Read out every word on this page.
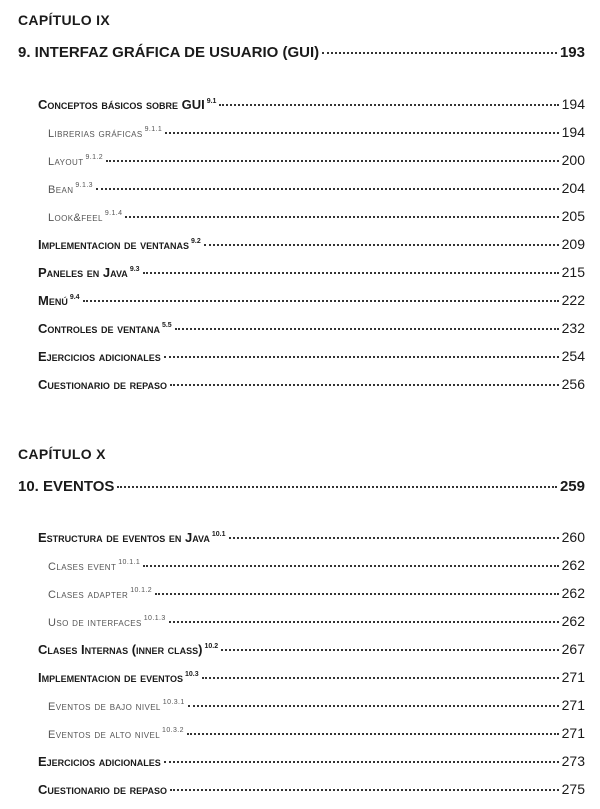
CAPÍTULO IX
9. INTERFAZ GRÁFICA DE USUARIO (GUI)	193
Conceptos básicos sobre GUI $^{9.1}$	194
Librerias gráficas $^{9.1.1}$	194
Layout $^{9.1.2}$	200
Bean $^{9.1.3}$	204
Look&feel $^{9.1.4}$	205
Implementacion de ventanas $^{9.2}$	209
Paneles en Java $^{9.3}$	215
Menú $^{9.4}$	222
Controles de ventana $^{5.5}$	232
Ejercicios adicionales	254
Cuestionario de repaso	256
CAPÍTULO X
10. EVENTOS	259
Estructura de eventos en Java $^{10.1}$	260
Clases event $^{10.1.1}$	262
Clases adapter $^{10.1.2}$	262
Uso de interfaces $^{10.1.3}$	262
Clases Internas (inner class) $^{10.2}$	267
Implementacion de eventos $^{10.3}$	271
Eventos de bajo nivel $^{10.3.1}$	271
Eventos de alto nivel $^{10.3.2}$	271
Ejercicios adicionales	273
Cuestionario de repaso	275
